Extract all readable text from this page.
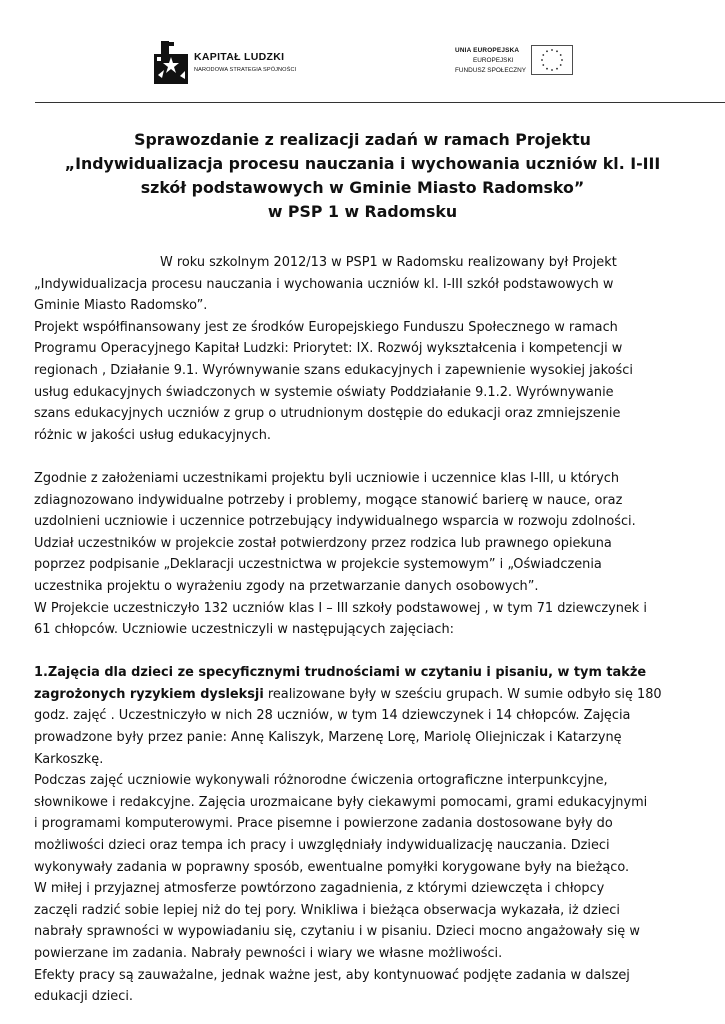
KAPITAŁ LUDZKI
NARODOWA STRATEGIA SPÓJNOŚCI
UNIA EUROPEJSKA
EUROPEJSKI
FUNDUSZ SPOŁECZNY
Sprawozdanie z realizacji zadań w ramach Projektu
„Indywidualizacja procesu nauczania i wychowania uczniów kl. I-III
szkół podstawowych w Gminie Miasto Radomsko”
w PSP 1 w Radomsku
W roku szkolnym 2012/13 w PSP1 w Radomsku realizowany był Projekt
„Indywidualizacja procesu nauczania i wychowania uczniów kl. I-III szkół podstawowych w
Gminie Miasto Radomsko”.
Projekt współfinansowany jest ze środków Europejskiego Funduszu Społecznego w ramach
Programu Operacyjnego Kapitał Ludzki: Priorytet: IX. Rozwój wykształcenia i kompetencji w
regionach , Działanie 9.1. Wyrównywanie szans edukacyjnych i zapewnienie wysokiej jakości
usług edukacyjnych świadczonych w systemie oświaty Poddziałanie 9.1.2. Wyrównywanie
szans edukacyjnych uczniów z grup o utrudnionym dostępie do edukacji oraz zmniejszenie
różnic w jakości usług edukacyjnych.
Zgodnie z założeniami uczestnikami projektu byli uczniowie i uczennice klas I-III, u których
zdiagnozowano indywidualne potrzeby i problemy, mogące stanowić barierę w nauce, oraz
uzdolnieni uczniowie i uczennice potrzebujący indywidualnego wsparcia w rozwoju zdolności.
Udział uczestników w projekcie został potwierdzony przez rodzica lub prawnego opiekuna
poprzez podpisanie „Deklaracji uczestnictwa w projekcie systemowym” i „Oświadczenia
uczestnika projektu o wyrażeniu zgody na przetwarzanie danych osobowych”.
W Projekcie uczestniczyło 132 uczniów klas I – III szkoły podstawowej , w tym 71 dziewczynek i
61 chłopców. Uczniowie uczestniczyli w następujących zajęciach:
1.Zajęcia dla dzieci ze specyficznymi trudnościami w czytaniu i pisaniu, w tym także
zagrożonych ryzykiem dysleksji realizowane były w sześciu grupach. W sumie odbyło się 180
godz. zajęć . Uczestniczyło w nich 28 uczniów, w tym 14 dziewczynek i 14 chłopców. Zajęcia
prowadzone były przez panie: Annę Kaliszyk, Marzenę Lorę, Mariolę Oliejniczak i Katarzynę
Karkoszkę.
Podczas zajęć uczniowie wykonywali różnorodne ćwiczenia ortograficzne interpunkcyjne,
słownikowe i redakcyjne. Zajęcia urozmaicane były ciekawymi pomocami, grami edukacyjnymi
i programami komputerowymi. Prace pisemne i powierzone zadania dostosowane były do
możliwości dzieci oraz tempa ich pracy i uwzględniały indywidualizację nauczania. Dzieci
wykonywały zadania w poprawny sposób, ewentualne pomyłki korygowane były na bieżąco.
W miłej i przyjaznej atmosferze powtórzono zagadnienia, z którymi dziewczęta i chłopcy
zaczęli radzić sobie lepiej niż do tej pory. Wnikliwa i bieżąca obserwacja wykazała, iż dzieci
nabrały sprawności w wypowiadaniu się, czytaniu i w pisaniu. Dzieci mocno angażowały się w
powierzane im zadania. Nabrały pewności i wiary we własne możliwości.
Efekty pracy są zauważalne, jednak ważne jest, aby kontynuować podjęte zadania w dalszej
edukacji dzieci.
